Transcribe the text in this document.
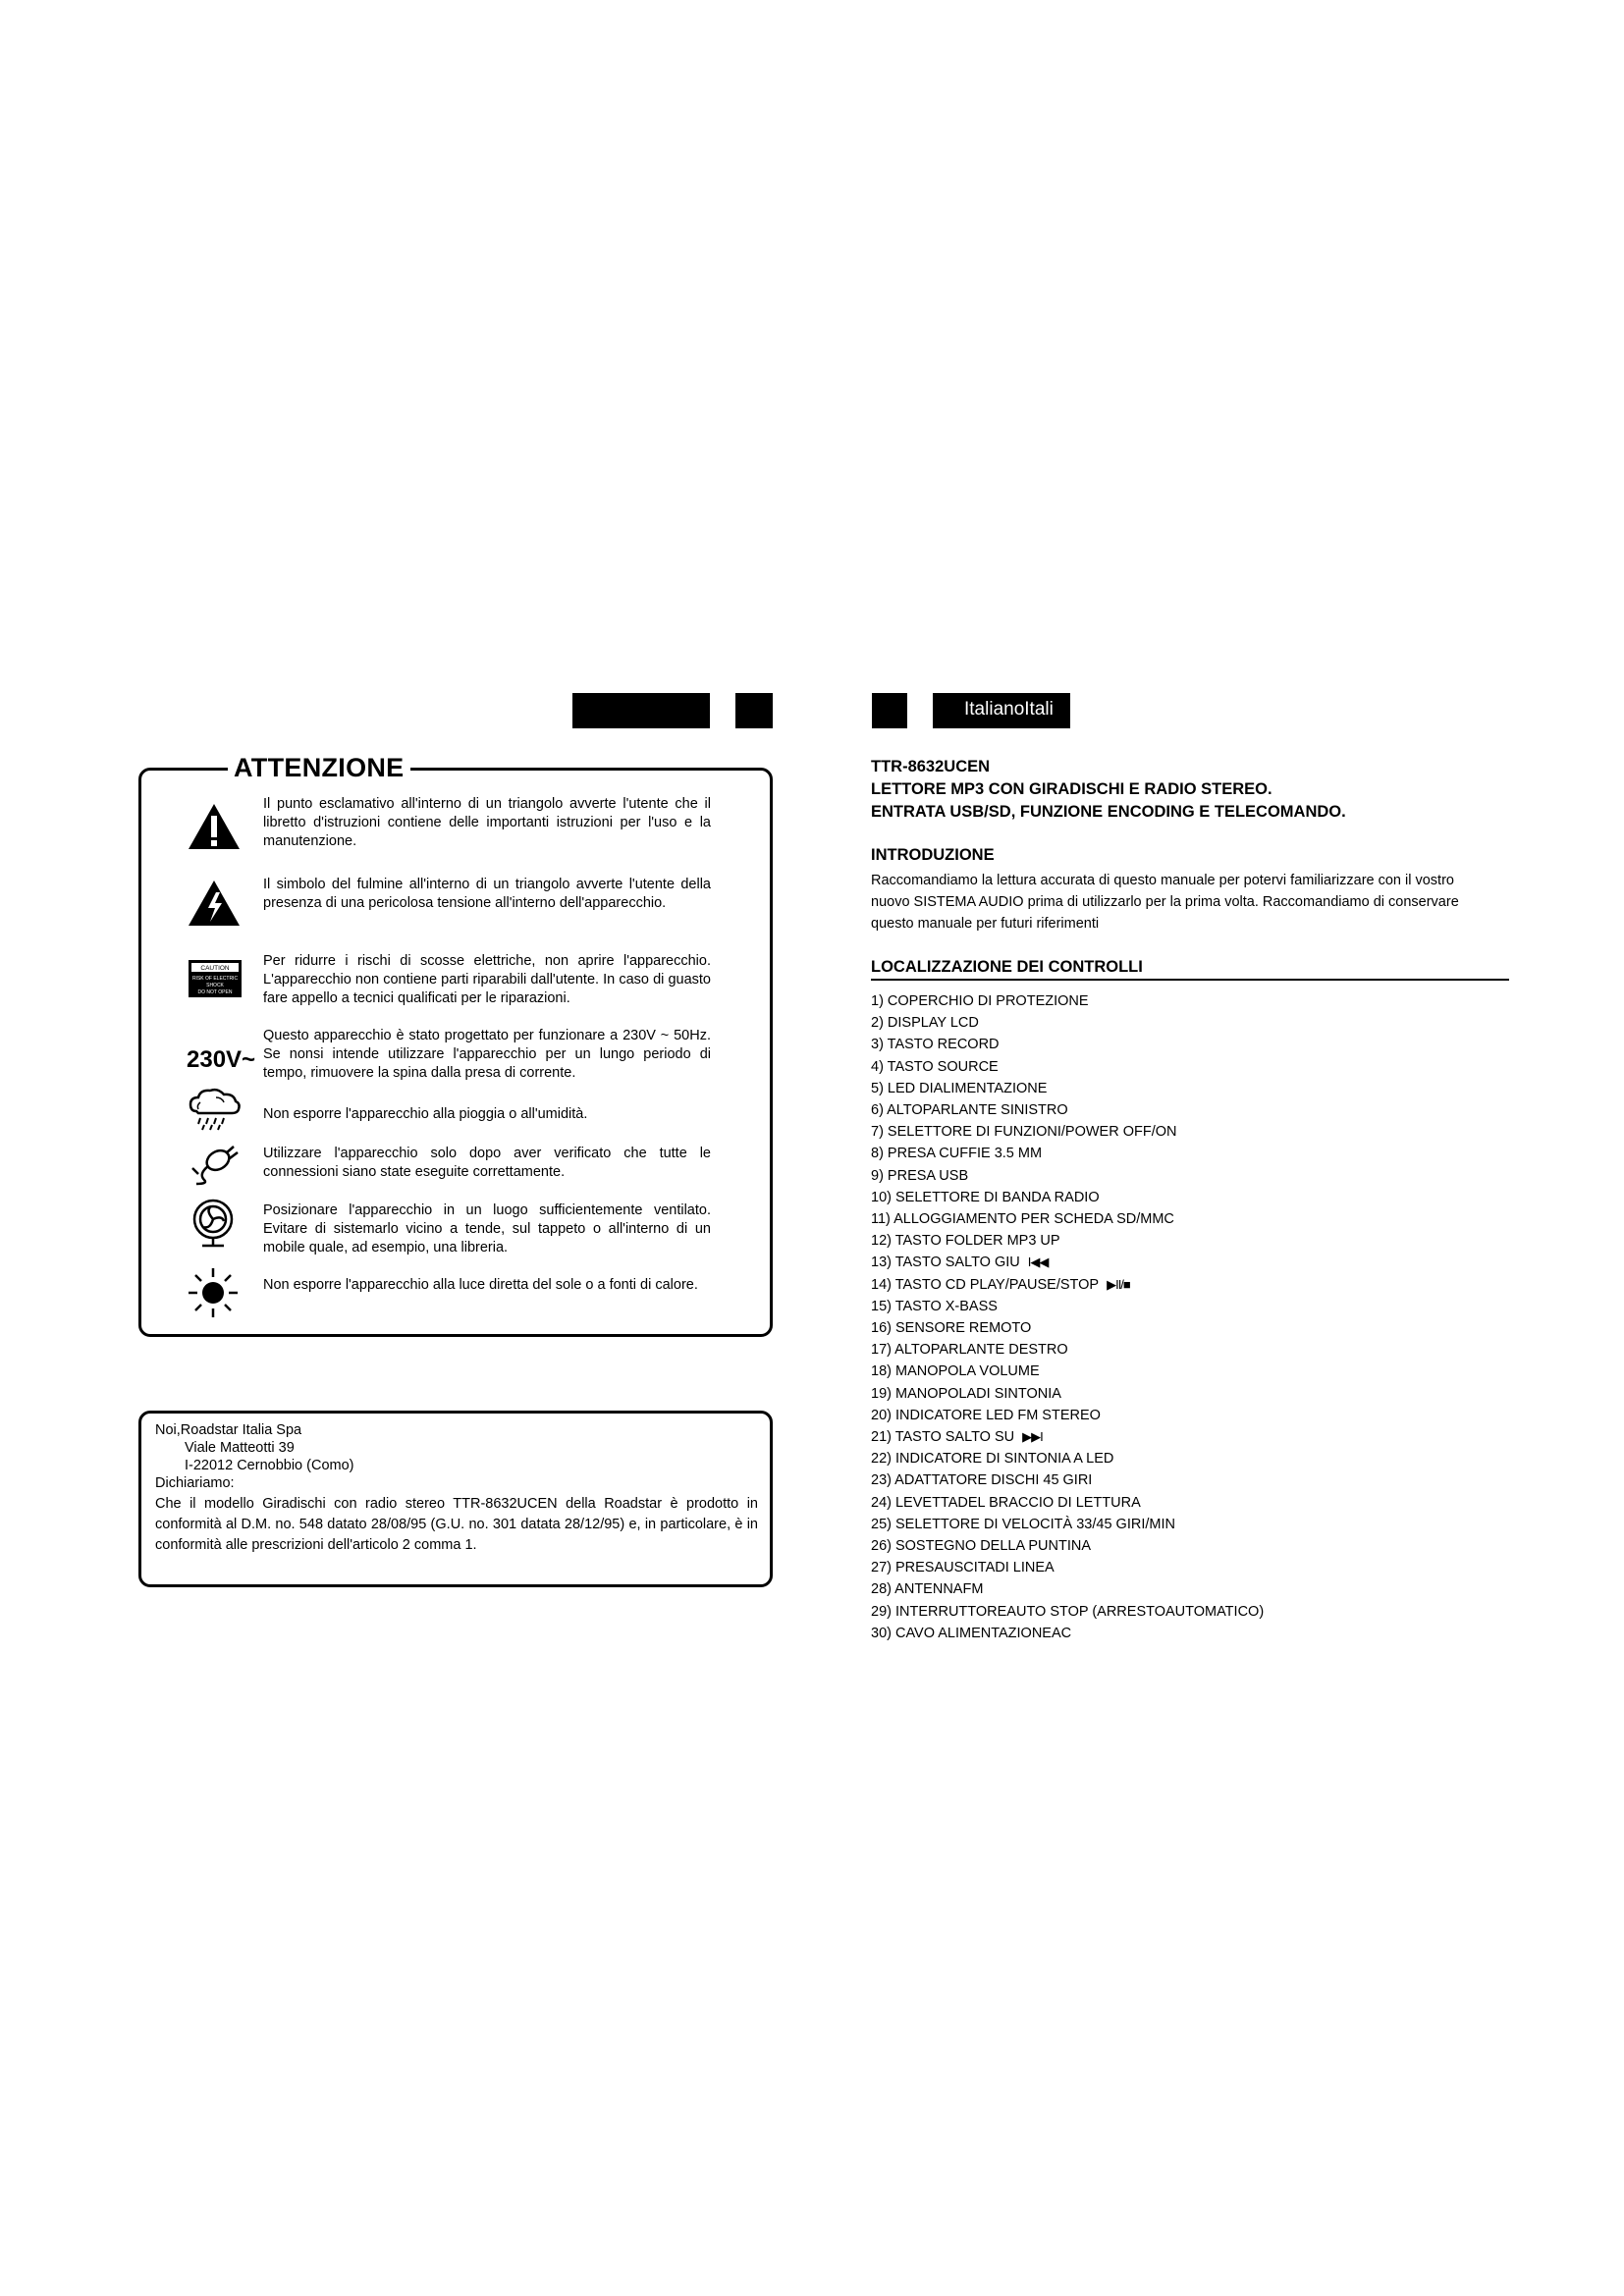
ItalianoItali
ATTENZIONE
CAUTION
RISK OF ELECTRIC
SHOCK
DO NOT OPEN
230V~
Il punto esclamativo all'interno di un triangolo avverte l'utente che il libretto d'istruzioni contiene delle importanti istruzioni per l'uso e la manutenzione.
Il simbolo del fulmine all'interno di un triangolo avverte l'utente della presenza di una pericolosa tensione all'interno dell'apparecchio.
Per ridurre i rischi di scosse elettriche, non aprire l'apparecchio. L'apparecchio non contiene parti riparabili dall'utente. In caso di guasto fare appello a tecnici qualificati per le riparazioni.
Questo apparecchio è stato progettato per funzionare a 230V ~ 50Hz. Se nonsi intende utilizzare l'apparecchio per un lungo periodo di tempo, rimuovere la spina dalla presa di corrente.
Non esporre l'apparecchio alla pioggia o all'umidità.
Utilizzare l'apparecchio solo dopo aver verificato che tutte le connessioni siano state eseguite correttamente.
Posizionare l'apparecchio in un luogo sufficientemente ventilato. Evitare di sistemarlo vicino a tende, sul tappeto o all'interno di un mobile quale, ad esempio, una libreria.
Non esporre l'apparecchio alla luce diretta del sole o a fonti di calore.
Noi,Roadstar Italia Spa
Viale Matteotti 39
I-22012 Cernobbio (Como)
Dichiariamo:
Che il modello Giradischi con radio stereo TTR-8632UCEN della Roadstar è prodotto in conformità al D.M. no. 548 datato 28/08/95 (G.U. no. 301 datata 28/12/95) e, in particolare, è in conformità alle prescrizioni dell'articolo 2 comma 1.
TTR-8632UCEN
LETTORE MP3 CON GIRADISCHI E RADIO STEREO.
ENTRATA USB/SD, FUNZIONE ENCODING E TELECOMANDO.
INTRODUZIONE
Raccomandiamo la lettura accurata di questo manuale per potervi familiarizzare con il vostro nuovo SISTEMA AUDIO prima di utilizzarlo per la prima volta. Raccomandiamo di conservare questo manuale per futuri riferimenti
LOCALIZZAZIONE DEI CONTROLLI
1) COPERCHIO DI PROTEZIONE
2) DISPLAY LCD
3) TASTO RECORD
4) TASTO SOURCE
5) LED DIALIMENTAZIONE
6) ALTOPARLANTE SINISTRO
7) SELETTORE DI FUNZIONI/POWER OFF/ON
8) PRESA CUFFIE 3.5 MM
9) PRESA USB
10) SELETTORE DI BANDA RADIO
11) ALLOGGIAMENTO PER SCHEDA SD/MMC
12) TASTO FOLDER MP3 UP
13) TASTO SALTO GIU I◀◀
14) TASTO CD PLAY/PAUSE/STOP ▶II/■
15) TASTO X-BASS
16) SENSORE REMOTO
17) ALTOPARLANTE DESTRO
18) MANOPOLA VOLUME
19) MANOPOLADI SINTONIA
20) INDICATORE LED FM STEREO
21) TASTO SALTO SU ▶▶I
22) INDICATORE DI SINTONIA A LED
23) ADATTATORE DISCHI 45 GIRI
24) LEVETTADEL BRACCIO DI LETTURA
25) SELETTORE DI VELOCITÀ 33/45 GIRI/MIN
26) SOSTEGNO DELLA PUNTINA
27) PRESAUSCITADI LINEA
28) ANTENNAFM
29) INTERRUTTOREAUTO STOP (ARRESTOAUTOMATICO)
30) CAVO ALIMENTAZIONEAC
